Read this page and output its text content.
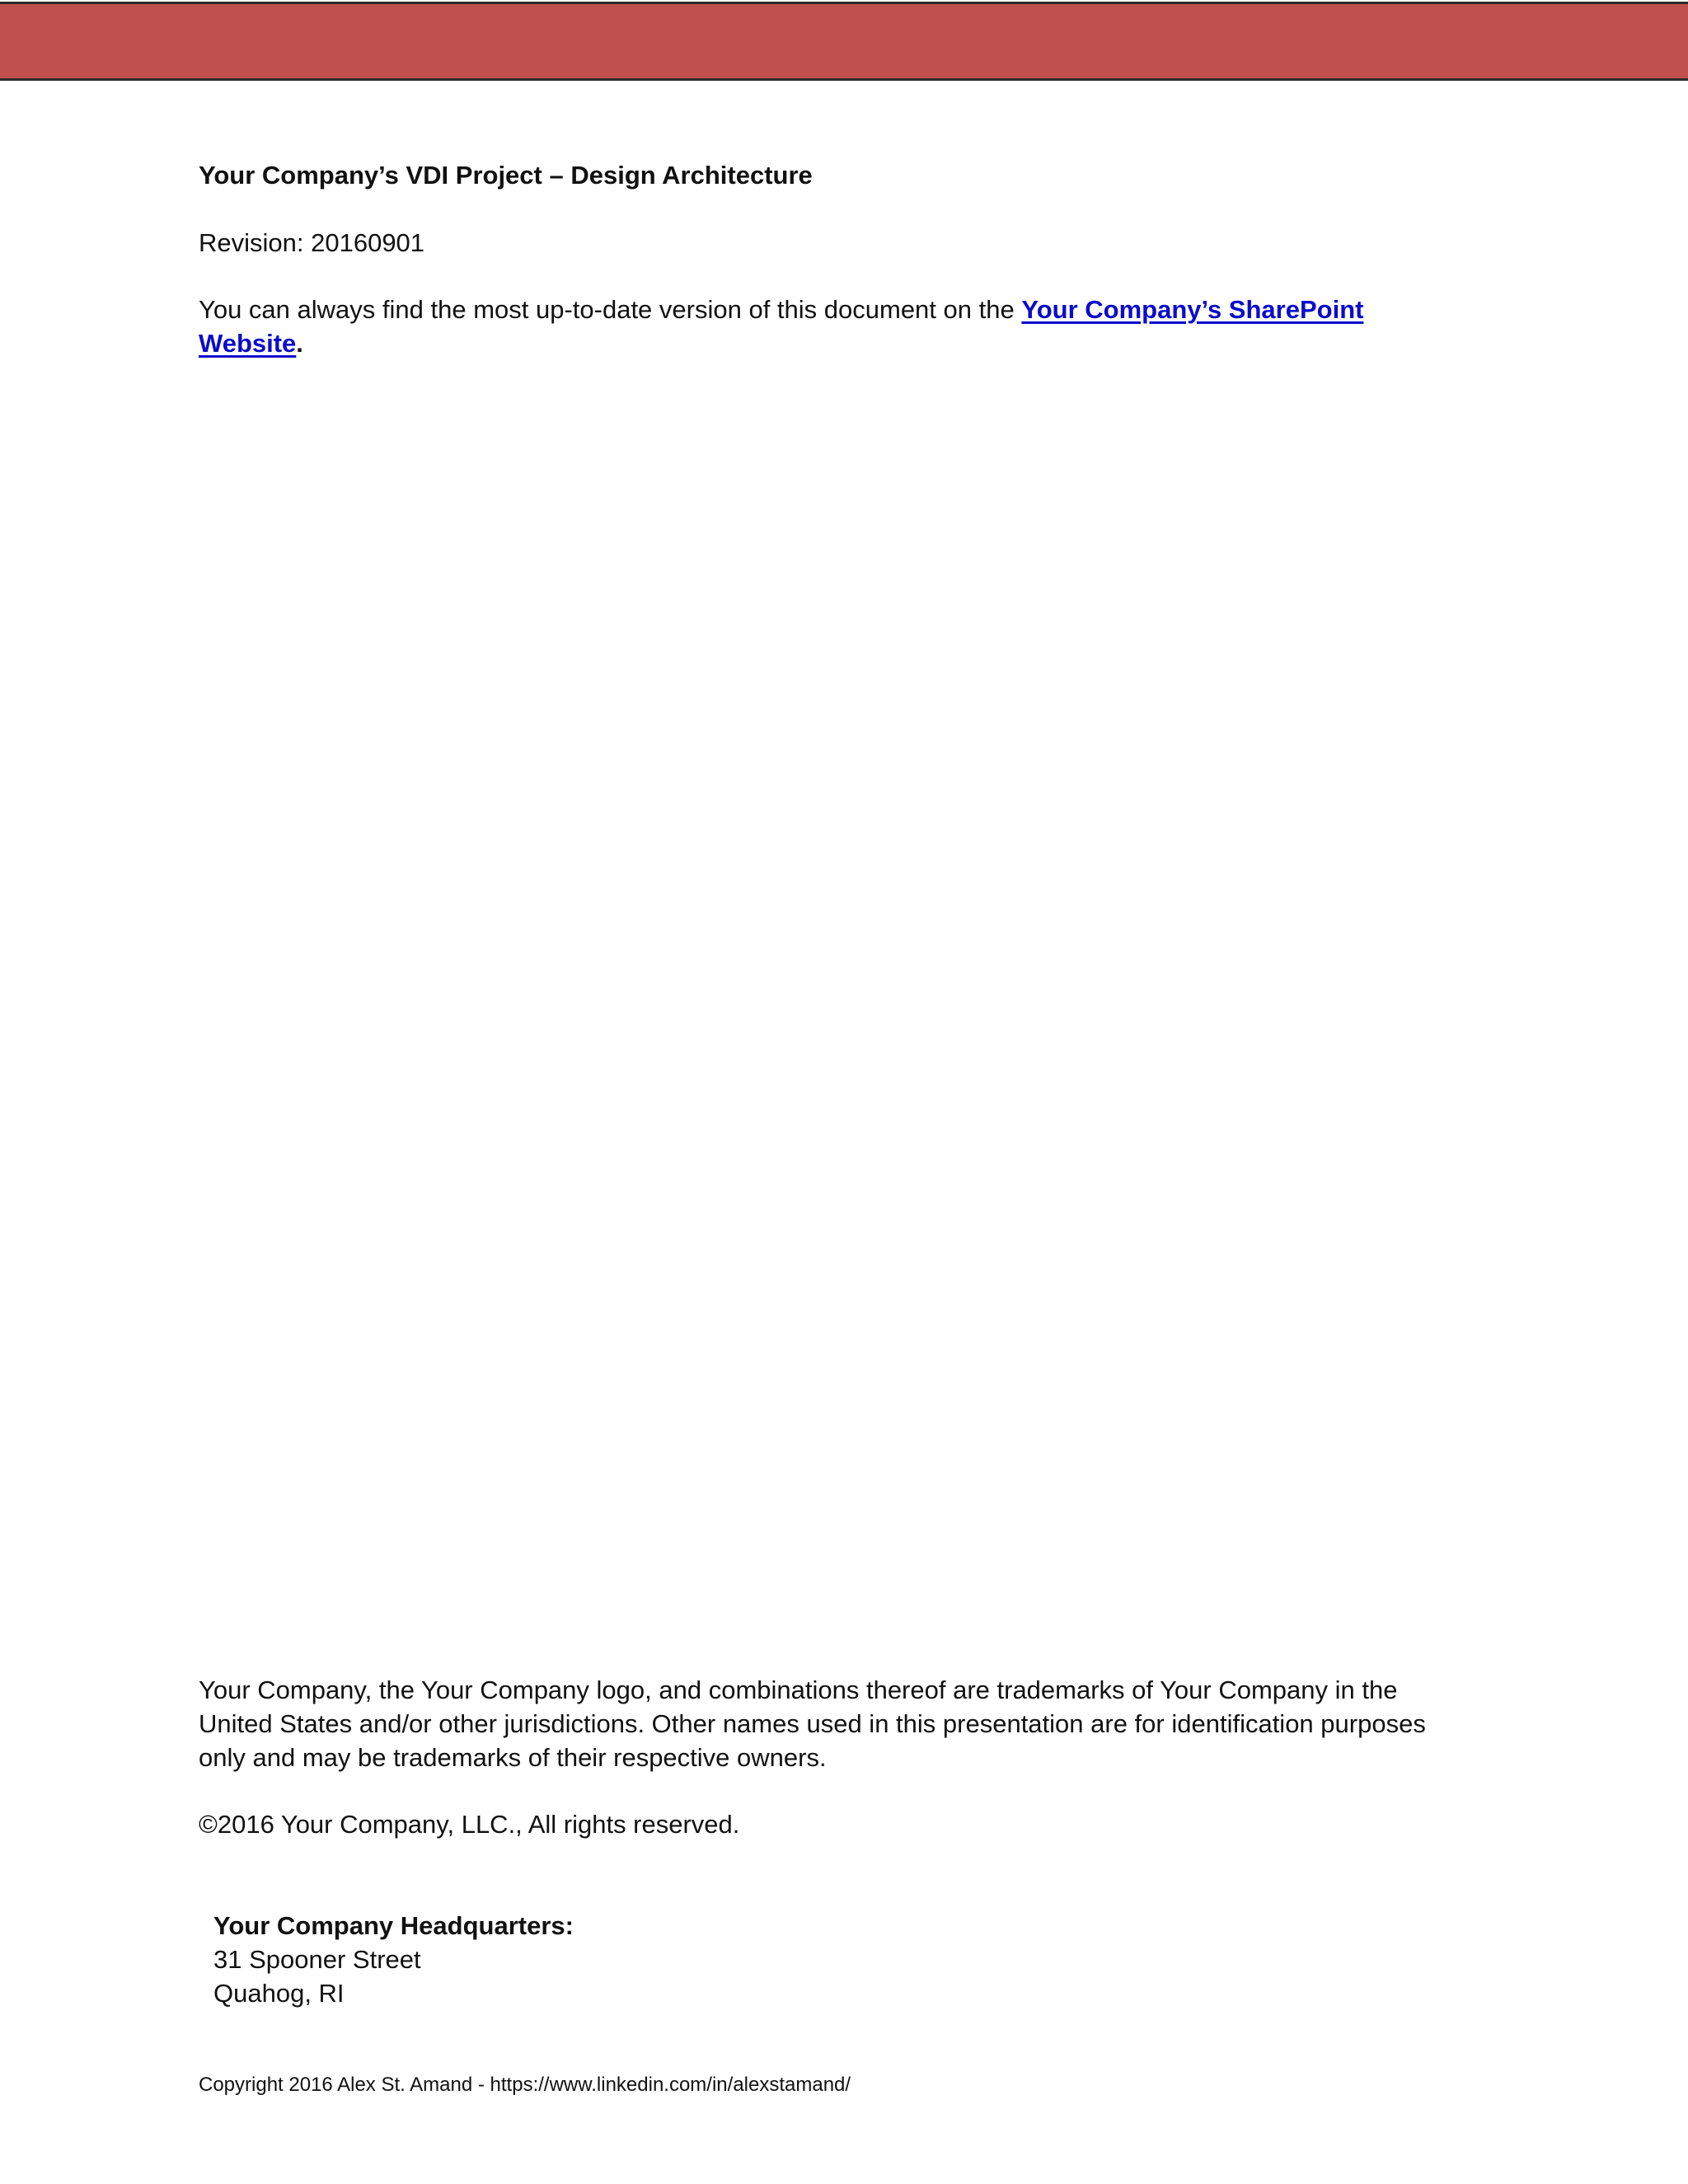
Your Company’s VDI Project – Design Architecture
Revision: 20160901
You can always find the most up-to-date version of this document on the Your Company’s SharePoint Website.
Your Company, the Your Company logo, and combinations thereof are trademarks of Your Company in the United States and/or other jurisdictions. Other names used in this presentation are for identification purposes only and may be trademarks of their respective owners.
©2016 Your Company, LLC., All rights reserved.
Your Company Headquarters:
31 Spooner Street
Quahog, RI
Copyright 2016 Alex St. Amand - https://www.linkedin.com/in/alexstamand/
